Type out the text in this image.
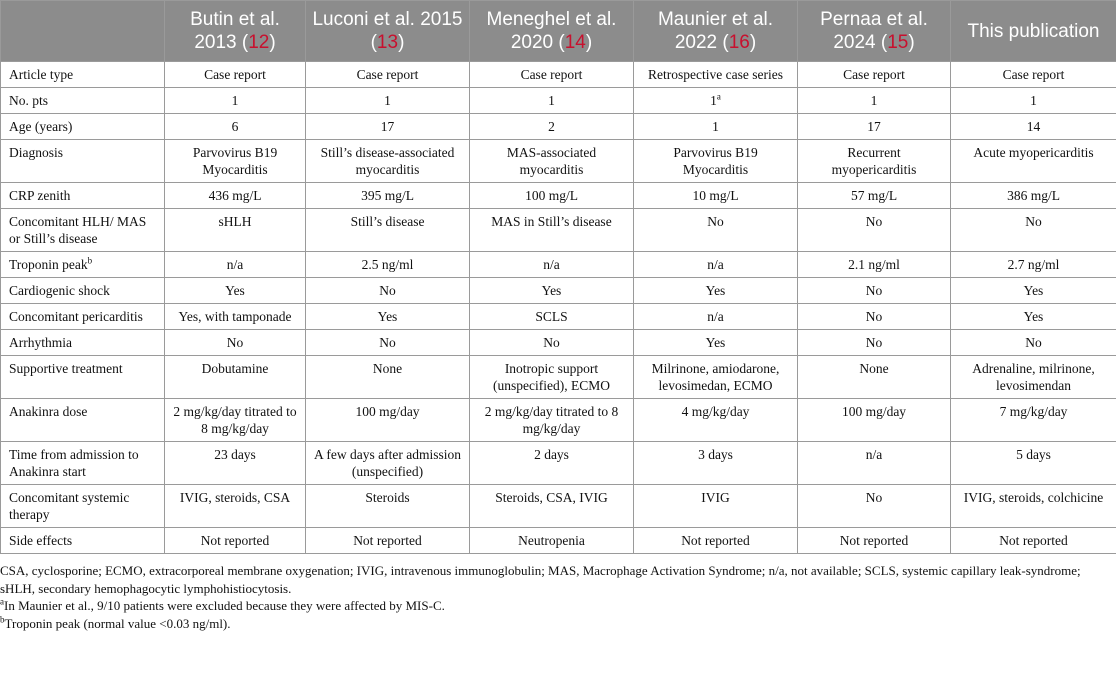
	Butin et al. 2013 (12)	Luconi et al. 2015 (13)	Meneghel et al. 2020 (14)	Maunier et al. 2022 (16)	Pernaa et al. 2024 (15)	This publication
Article type	Case report	Case report	Case report	Retrospective case series	Case report	Case report
No. pts	1	1	1	1$^a$	1	1
Age (years)	6	17	2	1	17	14
Diagnosis	Parvovirus B19 Myocarditis	Still’s disease-associated myocarditis	MAS-associated myocarditis	Parvovirus B19 Myocarditis	Recurrent myopericarditis	Acute myopericarditis
CRP zenith	436 mg/L	395 mg/L	100 mg/L	10 mg/L	57 mg/L	386 mg/L
Concomitant HLH/ MAS or Still’s disease	sHLH	Still’s disease	MAS in Still’s disease	No	No	No
Troponin peak$^b$	n/a	2.5 ng/ml	n/a	n/a	2.1 ng/ml	2.7 ng/ml
Cardiogenic shock	Yes	No	Yes	Yes	No	Yes
Concomitant pericarditis	Yes, with tamponade	Yes	SCLS	n/a	No	Yes
Arrhythmia	No	No	No	Yes	No	No
Supportive treatment	Dobutamine	None	Inotropic support (unspecified), ECMO	Milrinone, amiodarone, levosimedan, ECMO	None	Adrenaline, milrinone, levosimendan
Anakinra dose	2 mg/kg/day titrated to 8 mg/kg/day	100 mg/day	2 mg/kg/day titrated to 8 mg/kg/day	4 mg/kg/day	100 mg/day	7 mg/kg/day
Time from admission to Anakinra start	23 days	A few days after admission (unspecified)	2 days	3 days	n/a	5 days
Concomitant systemic therapy	IVIG, steroids, CSA	Steroids	Steroids, CSA, IVIG	IVIG	No	IVIG, steroids, colchicine
Side effects	Not reported	Not reported	Neutropenia	Not reported	Not reported	Not reported

CSA, cyclosporine; ECMO, extracorporeal membrane oxygenation; IVIG, intravenous immunoglobulin; MAS, Macrophage Activation Syndrome; n/a, not available; SCLS, systemic capillary leak-syndrome; sHLH, secondary hemophagocytic lymphohistiocytosis.

$^a$In Maunier et al., 9/10 patients were excluded because they were affected by MIS-C.

$^b$Troponin peak (normal value <0.03 ng/ml).
